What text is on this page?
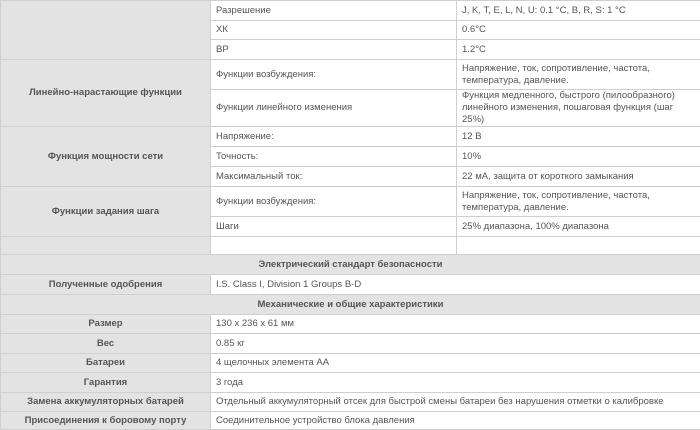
	Разрешение	J, K, T, E, L, N, U: 0.1 °C, B, R, S: 1 °C
	ХК	0.6°C
	ВР	1.2°C
Линейно-нарастающие функции	Функции возбуждения:	Напряжение, ток, сопротивление, частота, температура, давление.
	Функции линейного изменения	Функция медленного, быстрого (пилообразного) линейного изменения, пошаговая функция (шаг 25%)
Функция мощности сети	Напряжение:	12 В
	Точность:	10%
	Максимальный ток:	22 мА, защита от короткого замыкания
Функции задания шага	Функции возбуждения:	Напряжение, ток, сопротивление, частота, температура, давление.
	Шаги	25% диапазона, 100% диапазона

Электрический стандарт безопасности		
Полученные одобрения	I.S. Class I, Division 1 Groups B-D	
Механические и общие характеристики		
Размер	130 x 236 x 61 мм	
Вес	0.85 кг	
Батареи	4 щелочных элемента AA	
Гарантия	3 года	
Замена аккумуляторных батарей	Отдельный аккумуляторный отсек для быстрой смены батареи без нарушения отметки о калибровке	
Присоединения к боровому порту	Соединительное устройство блока давления	
